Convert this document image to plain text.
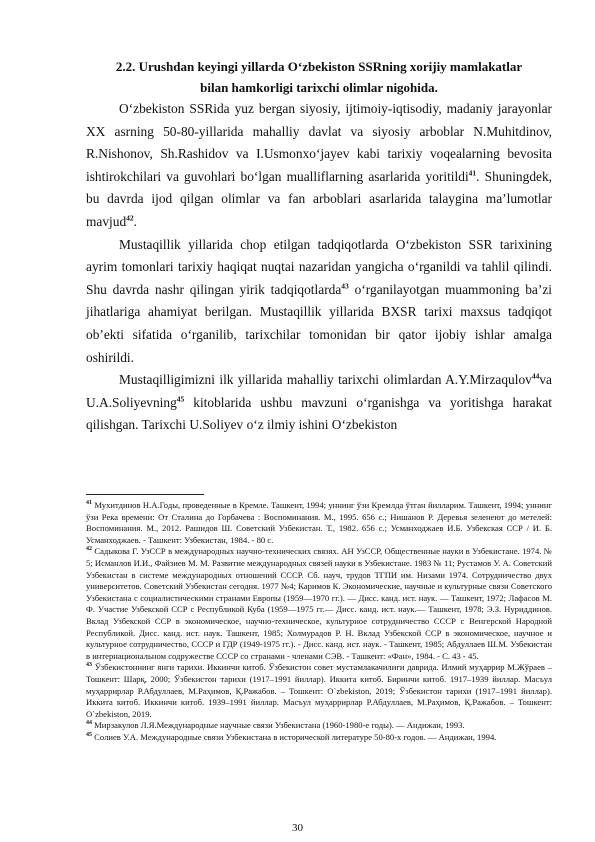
2.2. Urushdan keyingi yillarda O‘zbekiston SSRning xorijiy mamlakatlar
bilan hamkorligi tarixchi olimlar nigohida.

O‘zbekiston SSRida yuz bergan siyosiy, ijtimoiy-iqtisodiy, madaniy jarayonlar XX asrning 50-80-yillarida mahalliy davlat va siyosiy arboblar N.Muhitdinov, R.Nishonov, Sh.Rashidov va I.Usmonxo‘jayev kabi tarixiy voqealarning bevosita ishtirokchilari va guvohlari bo‘lgan mualliflarning asarlarida yoritildi$^{41}$. Shuningdek, bu davrda ijod qilgan olimlar va fan arboblari asarlarida talaygina ma’lumotlar mavjud$^{42}$.

Mustaqillik yillarida chop etilgan tadqiqotlarda O‘zbekiston SSR tarixining ayrim tomonlari tarixiy haqiqat nuqtai nazaridan yangicha o‘rganildi va tahlil qilindi. Shu davrda nashr qilingan yirik tadqiqotlarda$^{43}$ o‘rganilayotgan muammoning ba’zi jihatlariga ahamiyat berilgan. Mustaqillik yillarida BXSR tarixi maxsus tadqiqot ob’ekti sifatida o‘rganilib, tarixchilar tomonidan bir qator ijobiy ishlar amalga oshirildi.

Mustaqilligimizni ilk yillarida mahalliy tarixchi olimlardan A.Y.Mirzaqulov$^{44}$va U.A.Soliyevning$^{45}$ kitoblarida ushbu mavzuni o‘rganishga va yoritishga harakat qilishgan. Tarixchi U.Soliyev o‘z ilmiy ishini O‘zbekiston

$^{41}$ Мухитдинов Н.А.Годы, проведенные в Кремле. Ташкент, 1994; уннинг ўзи Кремлда ўтган йилларим. Ташкент, 1994; уннинг ўзи Река времени: От Сталина до Горбачева : Воспоминания. М., 1995. 656 с.; Нишанов Р. Деревья зеленеют до метелей: Воспоминания. М., 2012. Рашидов Ш. Советский Узбекистан. Т., 1982. 656 с.; Усманходжаев И.Б. Узбекская ССР / И. Б. Усманходжаев. - Ташкент: Узбекистан, 1984. - 80 с.

$^{42}$ Садыкова Г. УзССР в международных научно-технических связях. АН УзССР, Общественные науки в Узбекистане. 1974. № 5; Исманлов И.И., Файзиев М. М. Развитие международных связей науки в Узбекистане. 1983 № 11; Рустамов У. А. Советский Узбекистан в системе международных отношений СССР. Сб. науч, трудов ТГПИ им. Низами 1974. Сотрудничество двух университетов. Советский Узбекистан сегодня. 1977 №4; Каримов К. Экономические, научные и культурные связи Советского Узбекистана с социалистическими странами Европы (1959—1970 гг.). — Дисс. канд. ист. наук. — Ташкент, 1972; Лафасов М. Ф. Участие Узбекской ССР с Республикой Куба (1959—1975 гг.— Дисс. канд. ист. наук.— Ташкент, 1978; Э.З. Нуриддинов. Вклад Узбекской ССР в экономическое, научно-техническое, культурное сотрудничество СССР с Венгерской Народной Республикой. Дисс. канд. ист. наук. Ташкент, 1985; Холмурадов Р. Н. Вклад Узбекской ССР в экономическое, научное и культурное сотрудничество, СССР и ГДР (1949-1975 гг.). - Дисс. канд. ист. наук. - Ташкент, 1985; Абдуллаев Ш.М. Узбекистан в интернациональном содружестве СССР со странами - членами СЭВ. - Ташкент: «Фан», 1984. - С. 43 - 45.

$^{43}$ Ўзбекистоннинг янги тарихи. Иккинчи китоб. Ўзбекистон совет мустамлакачилиги даврида. Илмий муҳаррир М.Жўраев – Тошкент: Шарқ, 2000; Ўзбекистон тарихи (1917–1991 йиллар). Иккита китоб. Биринчи китоб. 1917–1939 йиллар. Масъул муҳаррирлар Р.Абдуллаев, М.Раҳимов, Қ.Ражабов. – Тошкент: O`zbekiston, 2019; Ўзбекистон тарихи (1917–1991 йиллар). Иккита китоб. Иккинчи китоб. 1939–1991 йиллар. Масъул муҳаррирлар Р.Абдуллаев, М.Раҳимов, Қ.Ражабов. – Тошкент: O`zbekiston, 2019.

$^{44}$ Мирзакулов Л.Я.Международные научные связи Узбекистана (1960-1980-е годы). — Андижан, 1993.

$^{45}$ Солиев У.А. Международные связи Узбекистана в исторической литературе 50-80-х годов. — Андижан, 1994.

30
